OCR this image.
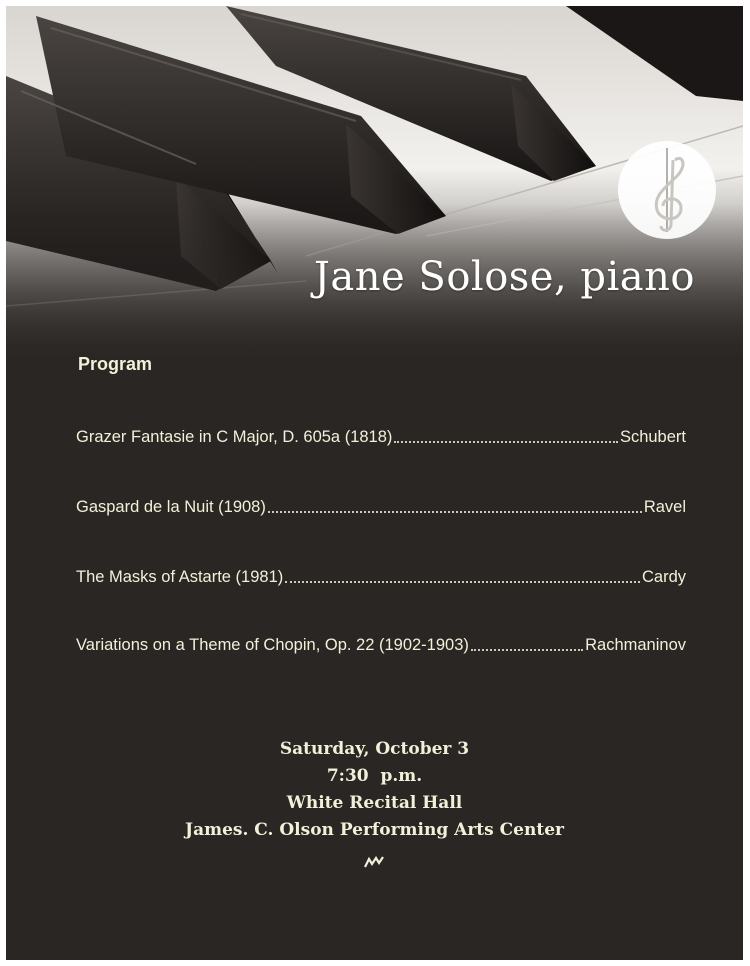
Jane Solose, piano
Program
Grazer Fantasie in C Major, D. 605a (1818)	Schubert
Gaspard de la Nuit (1908)	Ravel
The Masks of Astarte (1981)	Cardy
Variations on a Theme of Chopin, Op. 22 (1902-1903)	Rachmaninov
Saturday, October 3
7:30  p.m.
White Recital Hall
James. C. Olson Performing Arts Center
